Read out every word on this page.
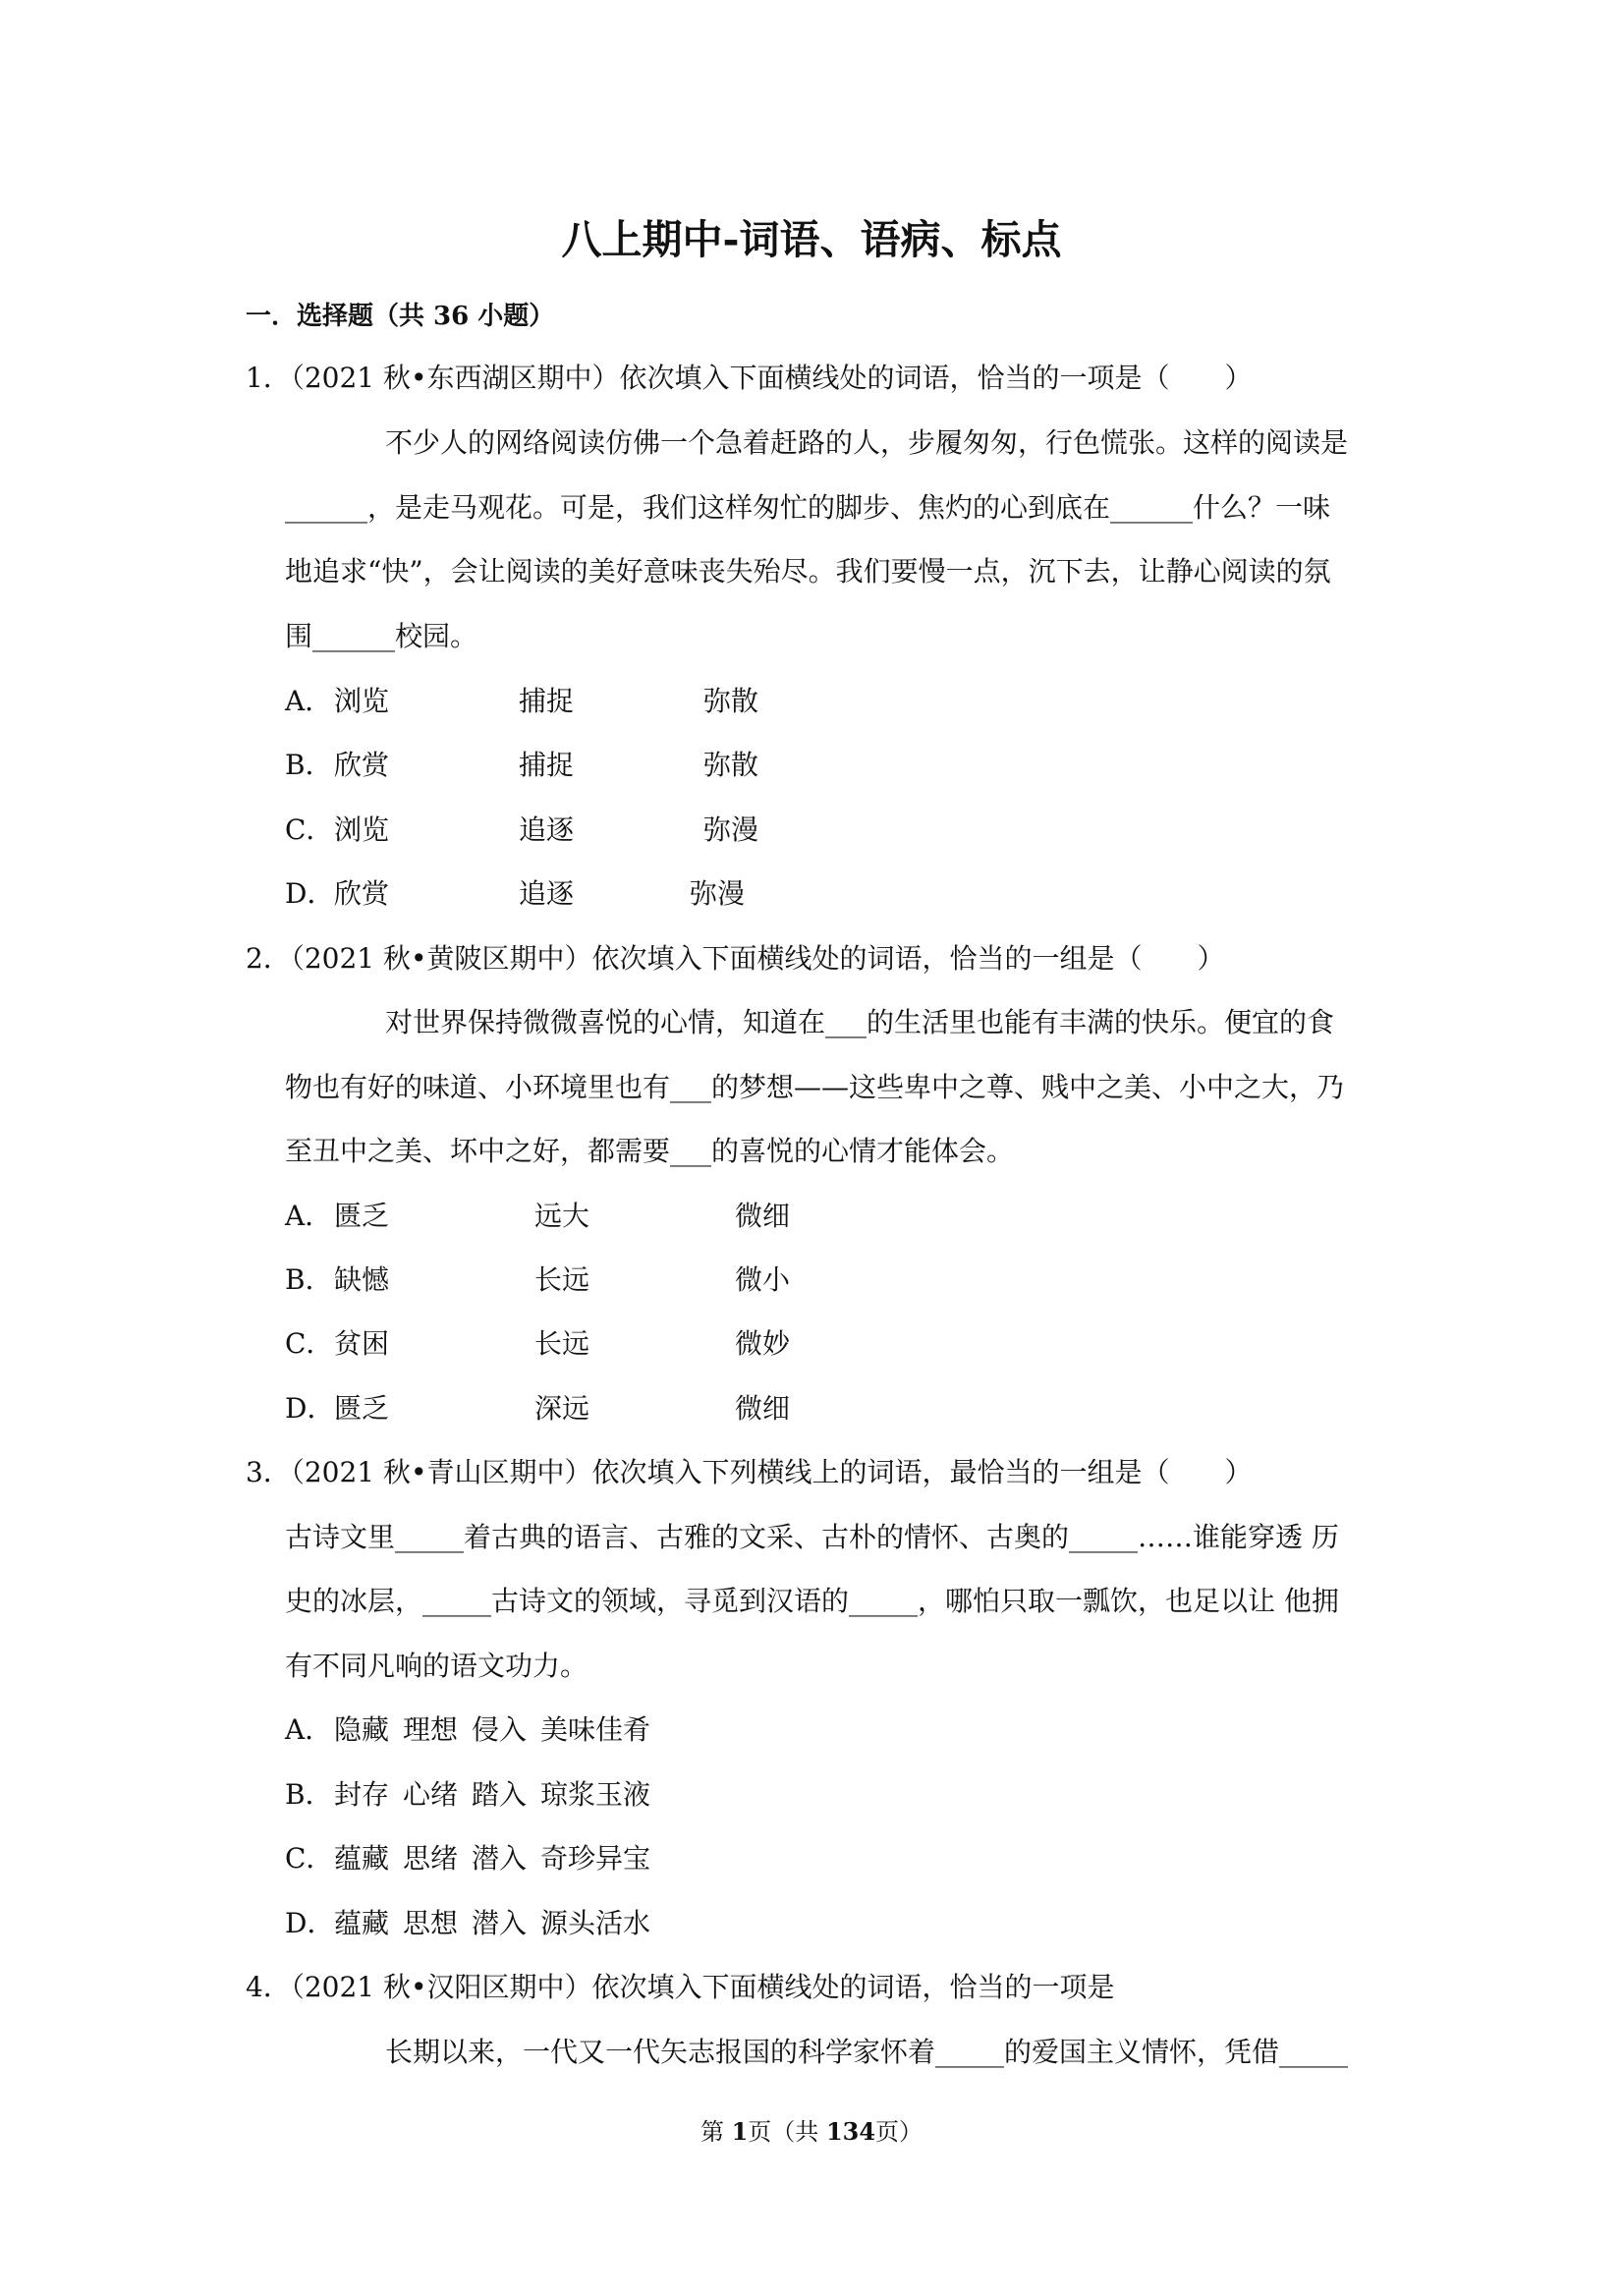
八上期中-词语、语病、标点

一．选择题（共 36 小题）

1．（2021 秋•东西湖区期中）依次填入下面横线处的词语，恰当的一项是（　　）

不少人的网络阅读仿佛一个急着赶路的人，步履匆匆，行色慌张。这样的阅读是

______，是走马观花。可是，我们这样匆忙的脚步、焦灼的心到底在______什么？一味

地追求“快”，会让阅读的美好意味丧失殆尽。我们要慢一点，沉下去，让静心阅读的氛

围______校园。

A．浏览	捕捉	弥散

B．欣赏	捕捉	弥散

C．浏览	追逐	弥漫

D．欣赏	追逐	弥漫

2．（2021 秋•黄陂区期中）依次填入下面横线处的词语，恰当的一组是（　　）

对世界保持微微喜悦的心情，知道在___的生活里也能有丰满的快乐。便宜的食

物也有好的味道、小环境里也有___的梦想——这些卑中之尊、贱中之美、小中之大，乃

至丑中之美、坏中之好，都需要___的喜悦的心情才能体会。

A．匮乏	远大	微细

B．缺憾	长远	微小

C．贫困	长远	微妙

D．匮乏	深远	微细

3．（2021 秋•青山区期中）依次填入下列横线上的词语，最恰当的一组是（　　）

古诗文里_____着古典的语言、古雅的文采、古朴的情怀、古奥的_____……谁能穿透 历

史的冰层，_____古诗文的领域，寻觅到汉语的_____，哪怕只取一瓢饮，也足以让 他拥

有不同凡响的语文功力。

A．隐藏 理想 侵入 美味佳肴

B．封存 心绪 踏入 琼浆玉液

C．蕴藏 思绪 潜入 奇珍异宝

D．蕴藏 思想 潜入 源头活水

4．（2021 秋•汉阳区期中）依次填入下面横线处的词语，恰当的一项是

长期以来，一代又一代矢志报国的科学家怀着_____的爱国主义情怀，凭借_____

第 1页（共 134页）
